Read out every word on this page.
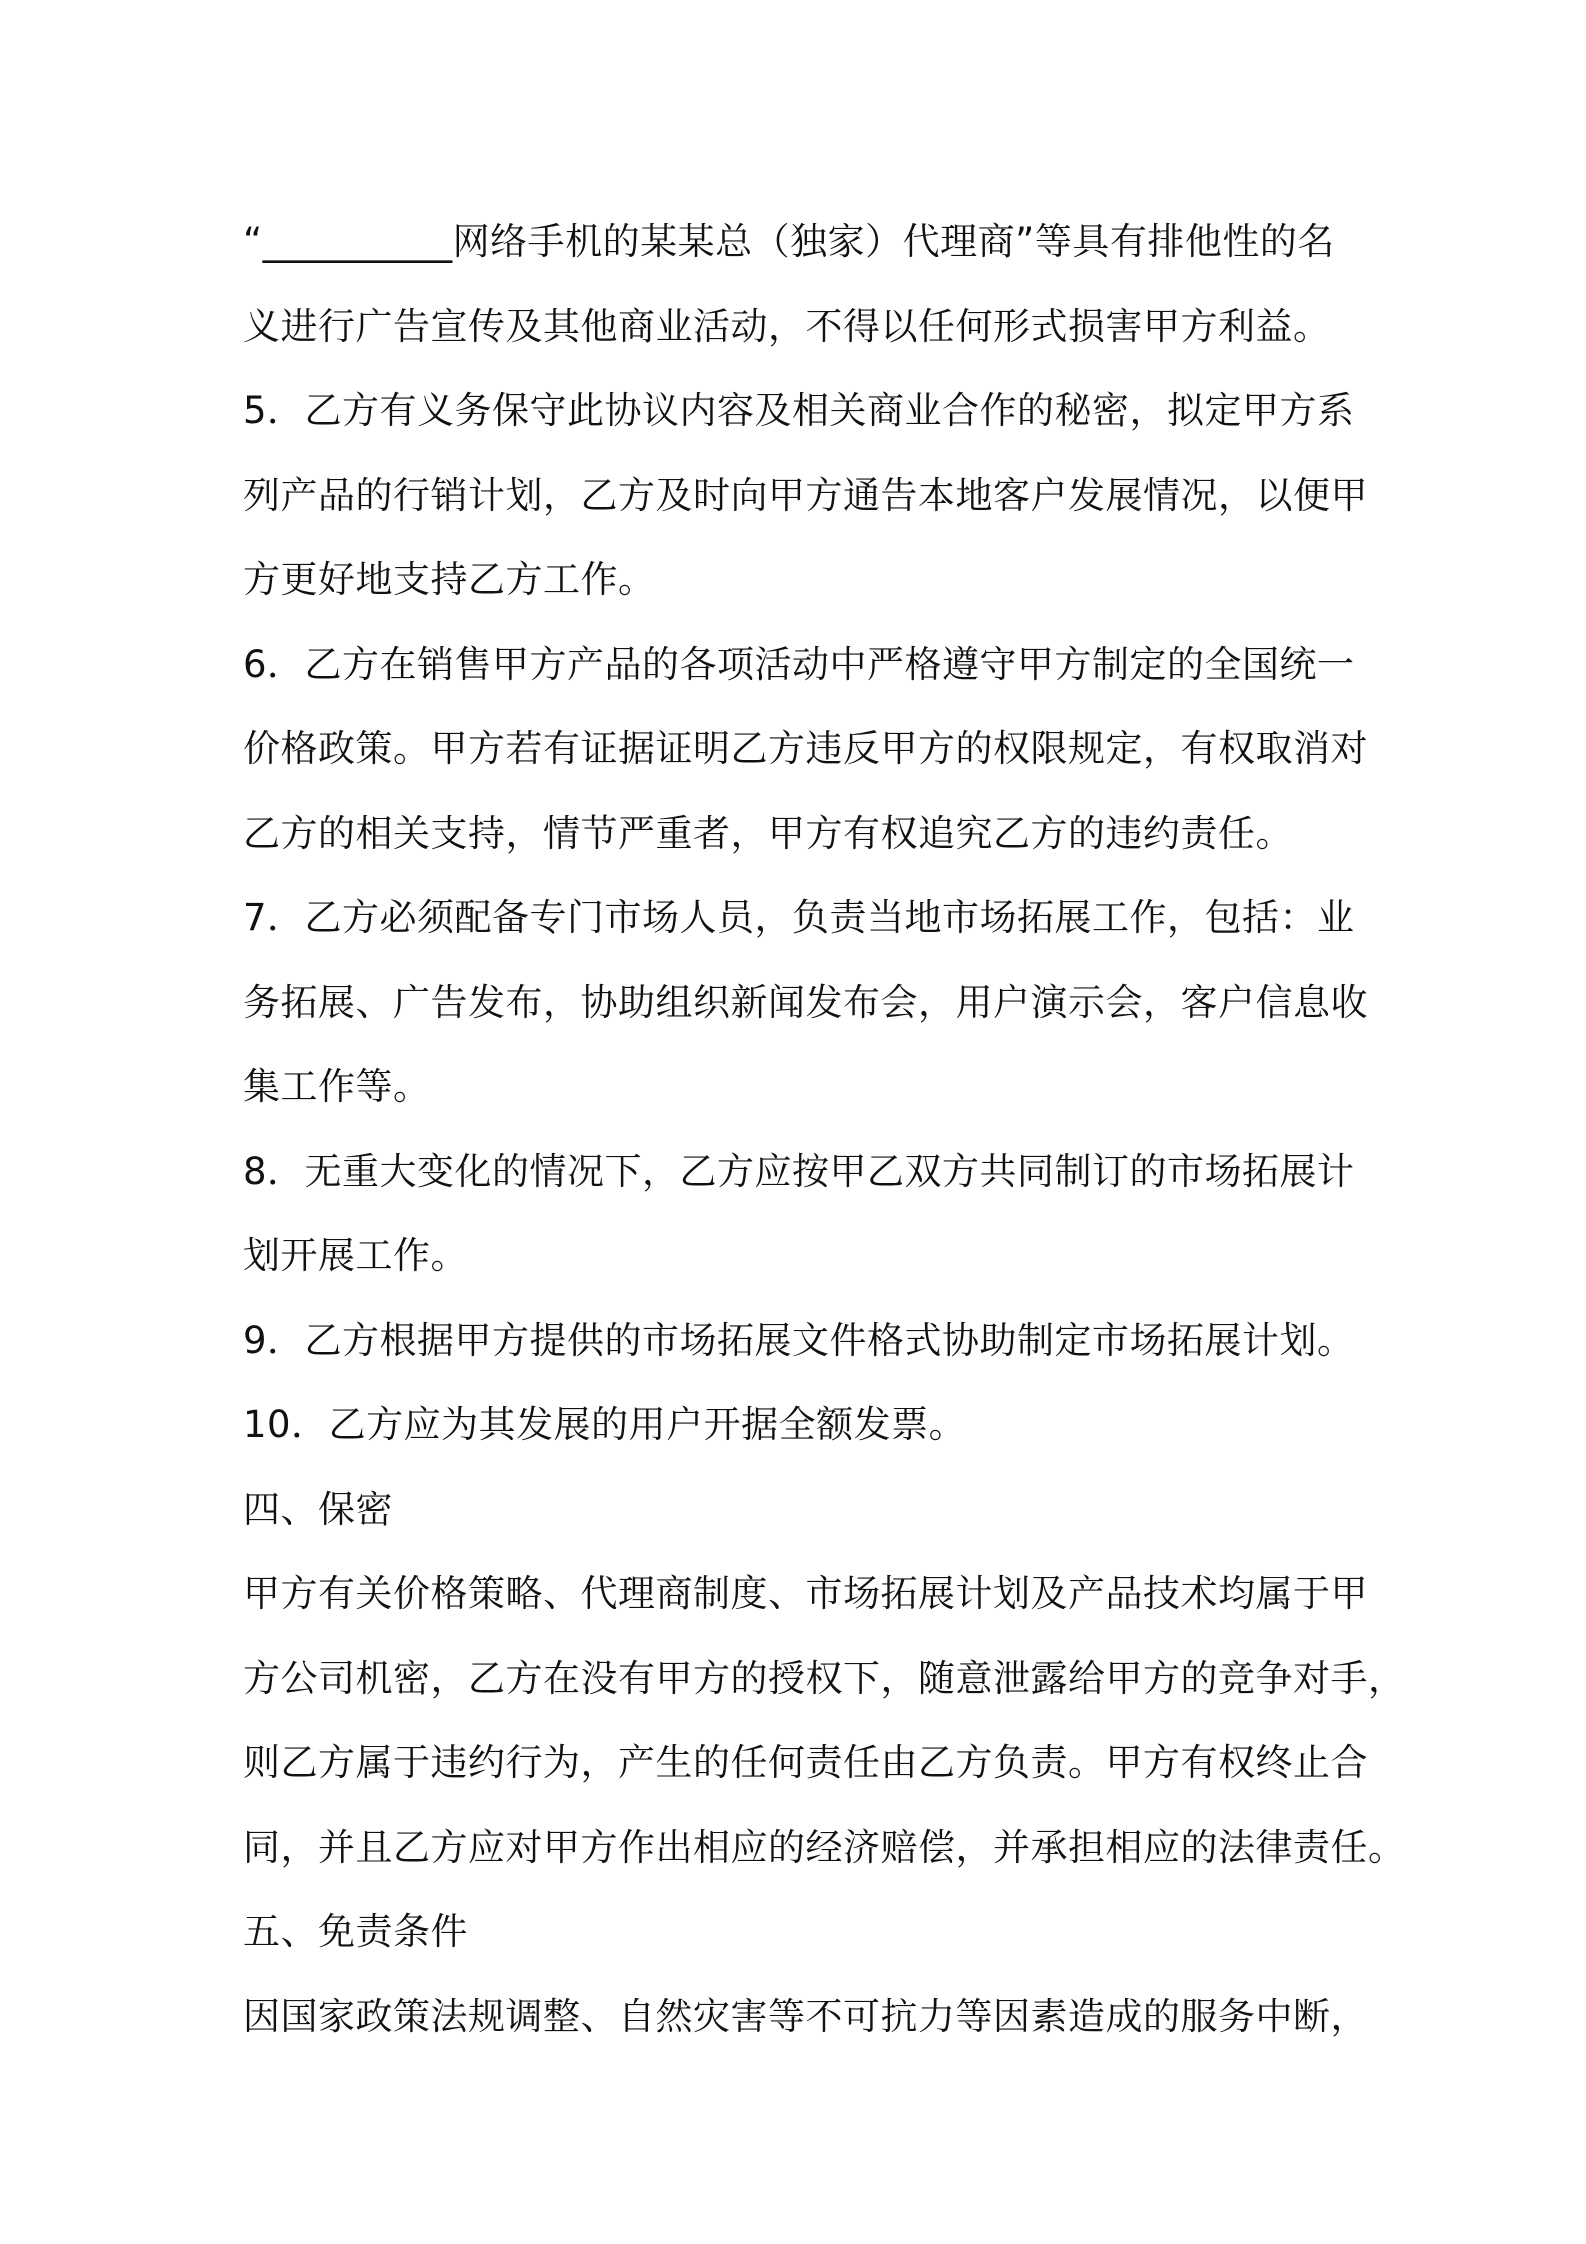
“__________网络手机的某某总（独家）代理商”等具有排他性的名
义进行广告宣传及其他商业活动，不得以任何形式损害甲方利益。
5．乙方有义务保守此协议内容及相关商业合作的秘密，拟定甲方系
列产品的行销计划，乙方及时向甲方通告本地客户发展情况，以便甲
方更好地支持乙方工作。
6．乙方在销售甲方产品的各项活动中严格遵守甲方制定的全国统一
价格政策。甲方若有证据证明乙方违反甲方的权限规定，有权取消对
乙方的相关支持，情节严重者，甲方有权追究乙方的违约责任。
7．乙方必须配备专门市场人员，负责当地市场拓展工作，包括：业
务拓展、广告发布，协助组织新闻发布会，用户演示会，客户信息收
集工作等。
8．无重大变化的情况下，乙方应按甲乙双方共同制订的市场拓展计
划开展工作。
9．乙方根据甲方提供的市场拓展文件格式协助制定市场拓展计划。
10．乙方应为其发展的用户开据全额发票。
四、保密
甲方有关价格策略、代理商制度、市场拓展计划及产品技术均属于甲
方公司机密，乙方在没有甲方的授权下，随意泄露给甲方的竞争对手，
则乙方属于违约行为，产生的任何责任由乙方负责。甲方有权终止合
同，并且乙方应对甲方作出相应的经济赔偿，并承担相应的法律责任。
五、免责条件
因国家政策法规调整、自然灾害等不可抗力等因素造成的服务中断，
